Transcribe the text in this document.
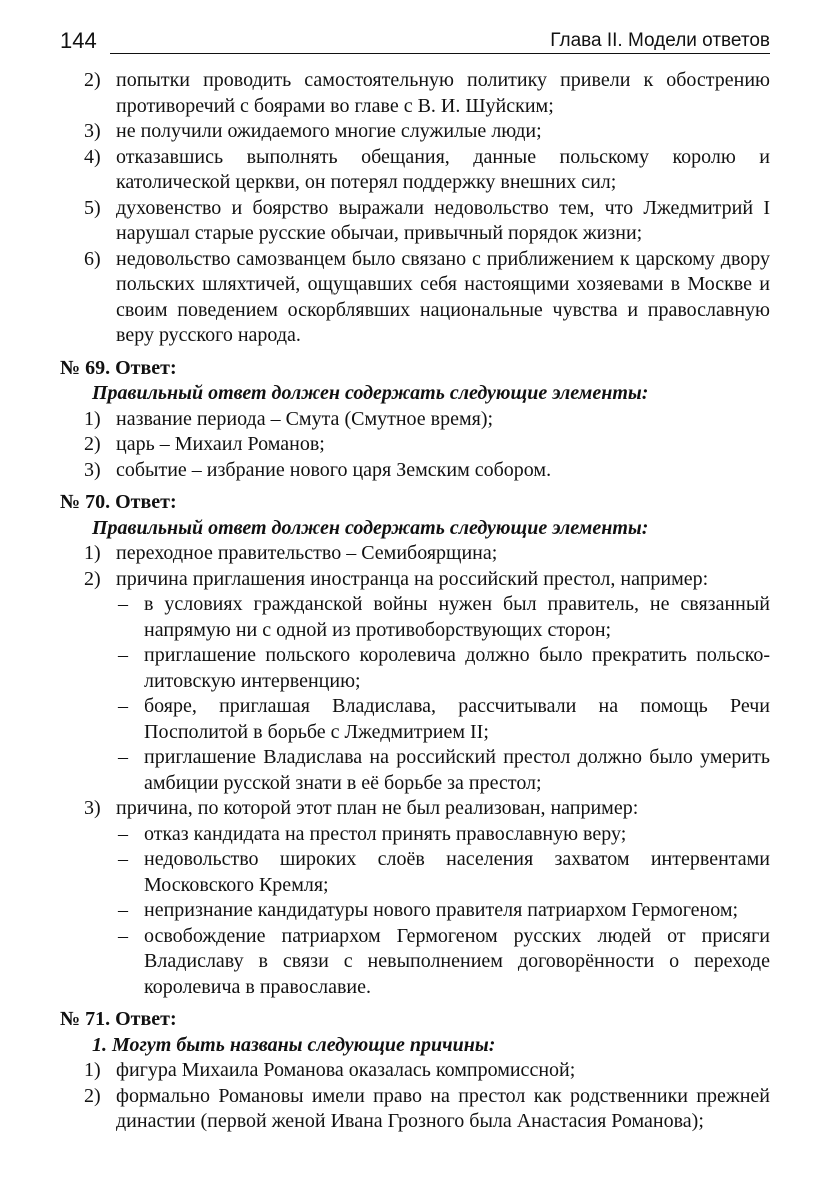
144	Глава II. Модели ответов
2) попытки проводить самостоятельную политику привели к обострению противоречий с боярами во главе с В. И. Шуйским;
3) не получили ожидаемого многие служилые люди;
4) отказавшись выполнять обещания, данные польскому королю и католической церкви, он потерял поддержку внешних сил;
5) духовенство и боярство выражали недовольство тем, что Лжедмитрий I нарушал старые русские обычаи, привычный порядок жизни;
6) недовольство самозванцем было связано с приближением к царскому двору польских шляхтичей, ощущавших себя настоящими хозяевами в Москве и своим поведением оскорблявших национальные чувства и православную веру русского народа.
№ 69. Ответ:
Правильный ответ должен содержать следующие элементы:
1) название периода – Смута (Смутное время);
2) царь – Михаил Романов;
3) событие – избрание нового царя Земским собором.
№ 70. Ответ:
Правильный ответ должен содержать следующие элементы:
1) переходное правительство – Семибоярщина;
2) причина приглашения иностранца на российский престол, например:
– в условиях гражданской войны нужен был правитель, не связанный напрямую ни с одной из противоборствующих сторон;
– приглашение польского королевича должно было прекратить польско-литовскую интервенцию;
– бояре, приглашая Владислава, рассчитывали на помощь Речи Посполитой в борьбе с Лжедмитрием II;
– приглашение Владислава на российский престол должно было умерить амбиции русской знати в её борьбе за престол;
3) причина, по которой этот план не был реализован, например:
– отказ кандидата на престол принять православную веру;
– недовольство широких слоёв населения захватом интервентами Московского Кремля;
– непризнание кандидатуры нового правителя патриархом Гермогеном;
– освобождение патриархом Гермогеном русских людей от присяги Владиславу в связи с невыполнением договорённости о переходе королевича в православие.
№ 71. Ответ:
1. Могут быть названы следующие причины:
1) фигура Михаила Романова оказалась компромиссной;
2) формально Романовы имели право на престол как родственники прежней династии (первой женой Ивана Грозного была Анастасия Романова);
